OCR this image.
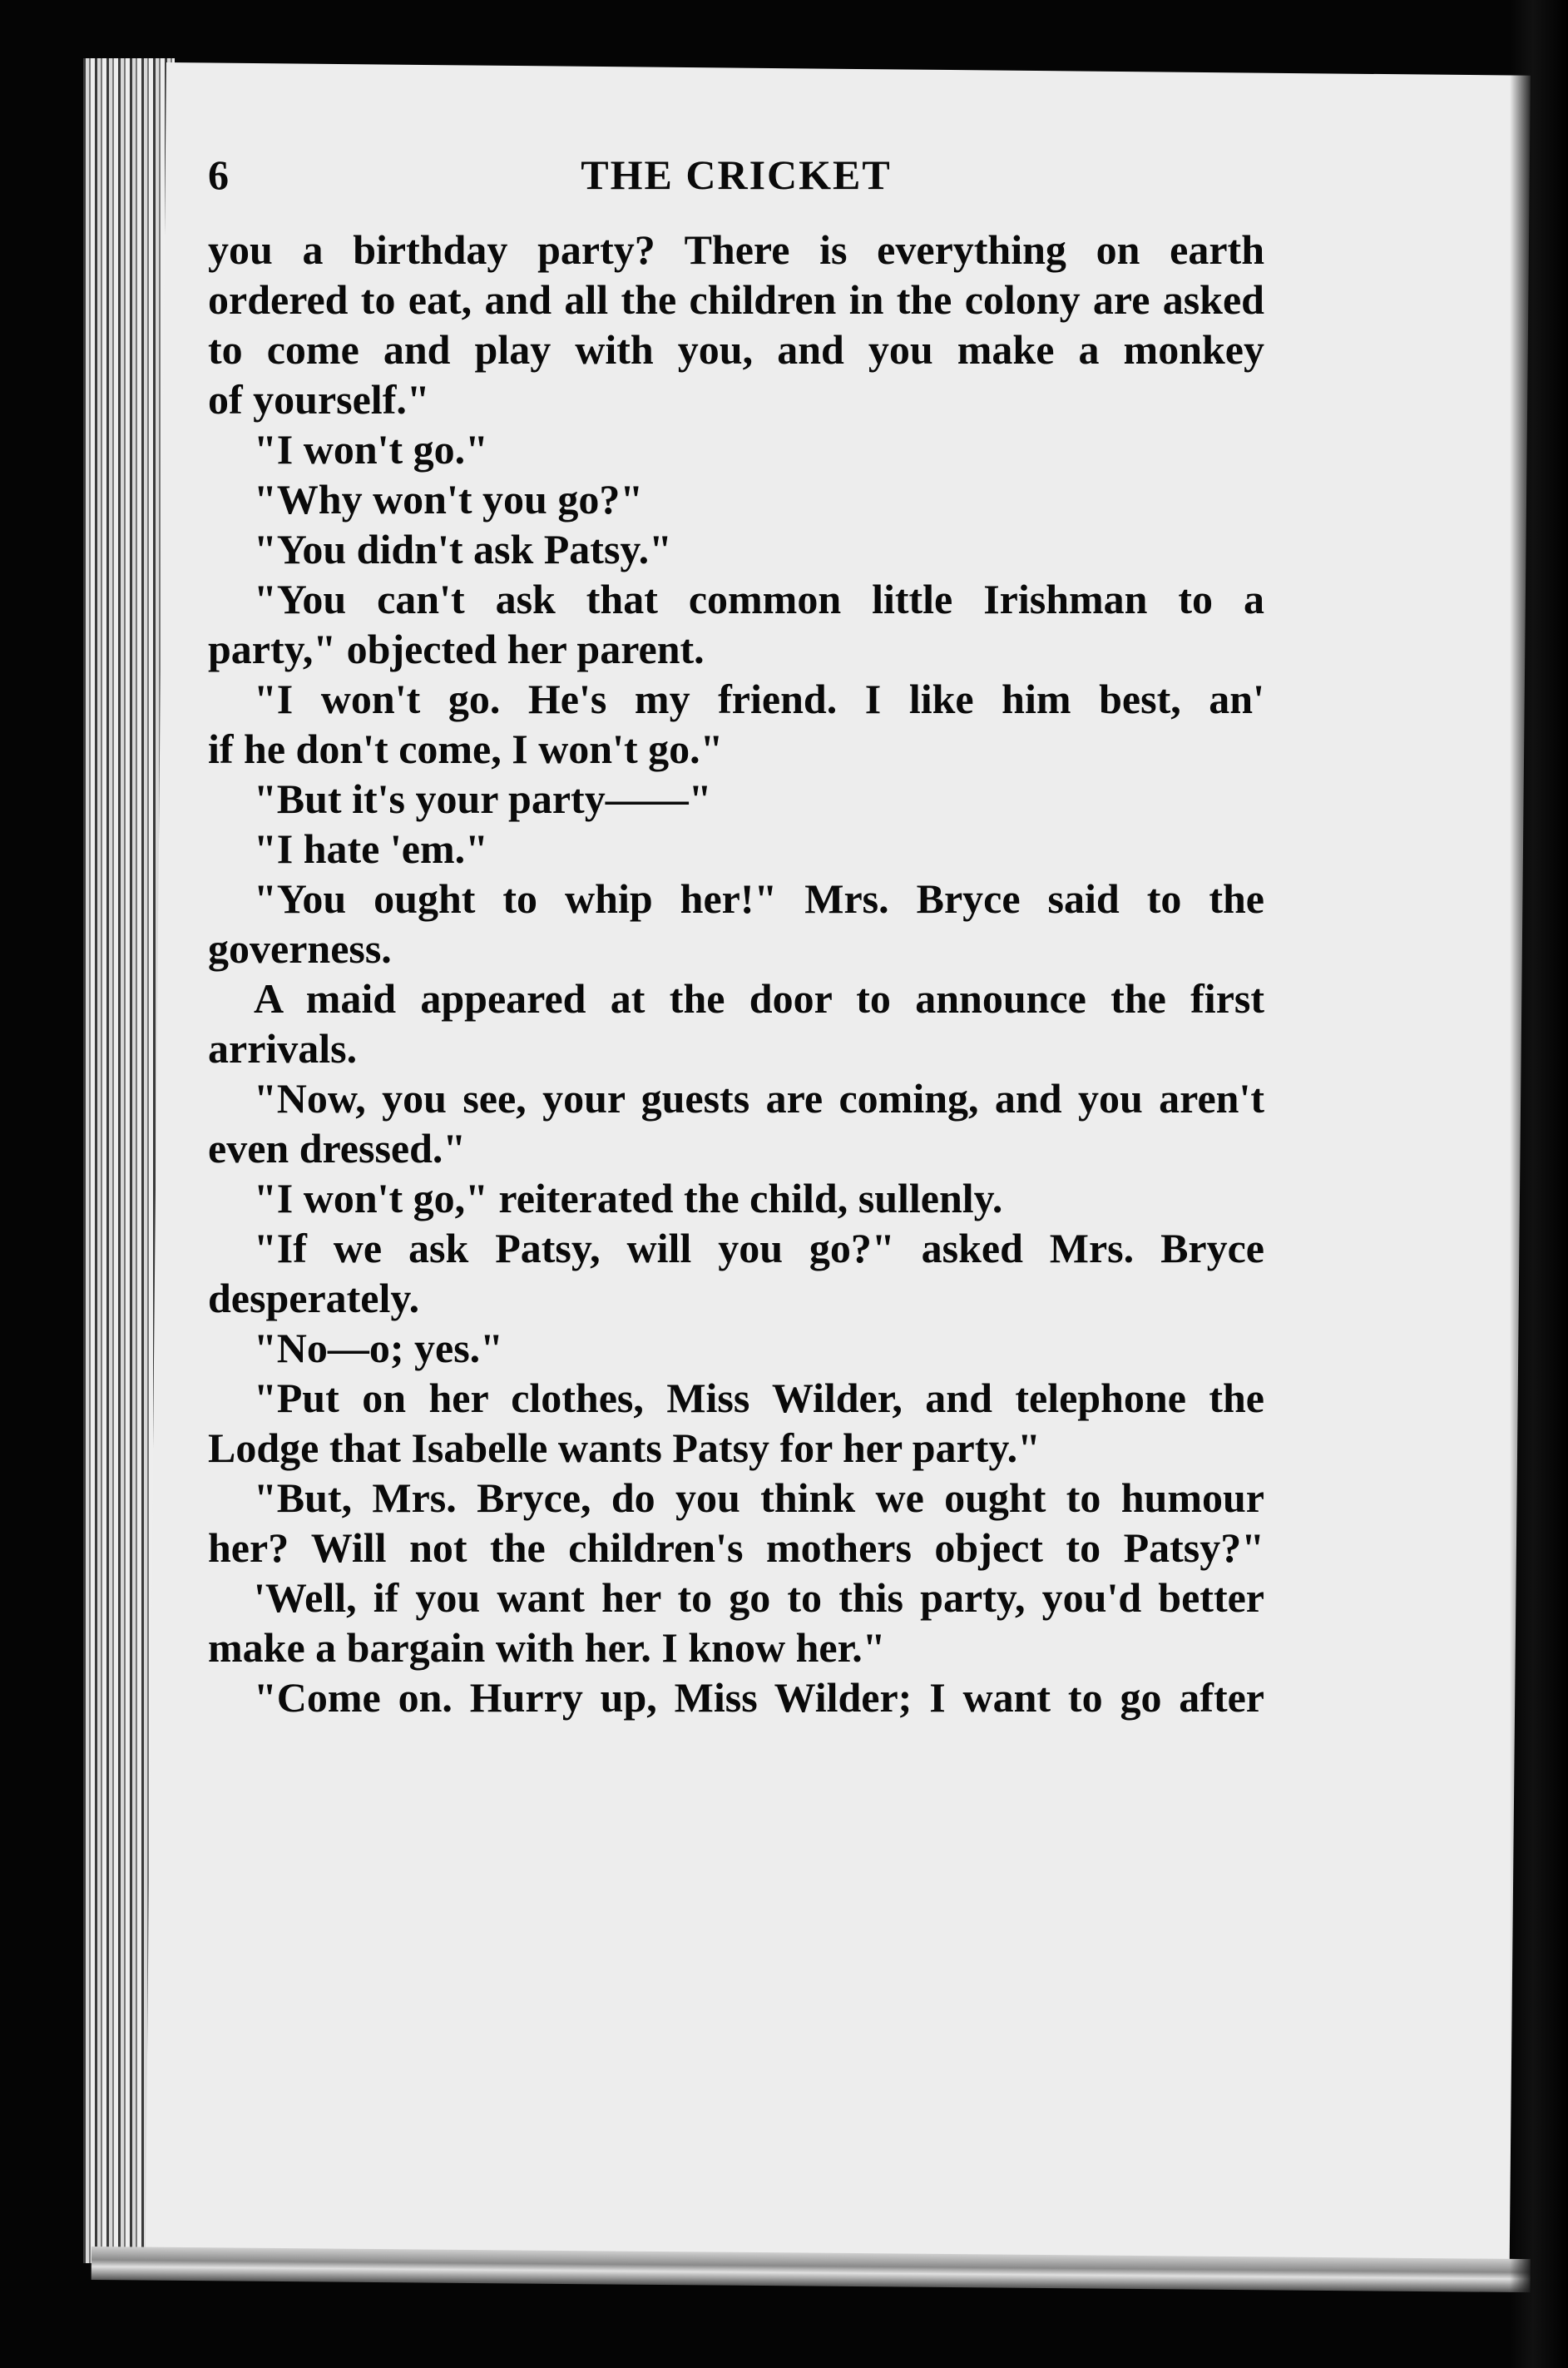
6	THE CRICKET
you a birthday party? There is everything on earth
ordered to eat, and all the children in the colony are asked
to come and play with you, and you make a monkey
of yourself."
"I won't go."
"Why won't you go?"
"You didn't ask Patsy."
"You can't ask that common little Irishman to a
party," objected her parent.
"I won't go. He's my friend. I like him best, an'
if he don't come, I won't go."
"But it's your party——"
"I hate 'em."
"You ought to whip her!" Mrs. Bryce said to the
governess.
A maid appeared at the door to announce the first
arrivals.
"Now, you see, your guests are coming, and you aren't
even dressed."
"I won't go," reiterated the child, sullenly.
"If we ask Patsy, will you go?" asked Mrs. Bryce
desperately.
"No—o; yes."
"Put on her clothes, Miss Wilder, and telephone the
Lodge that Isabelle wants Patsy for her party."
"But, Mrs. Bryce, do you think we ought to humour
her? Will not the children's mothers object to Patsy?"
'Well, if you want her to go to this party, you'd better
make a bargain with her. I know her."
"Come on. Hurry up, Miss Wilder; I want to go after
